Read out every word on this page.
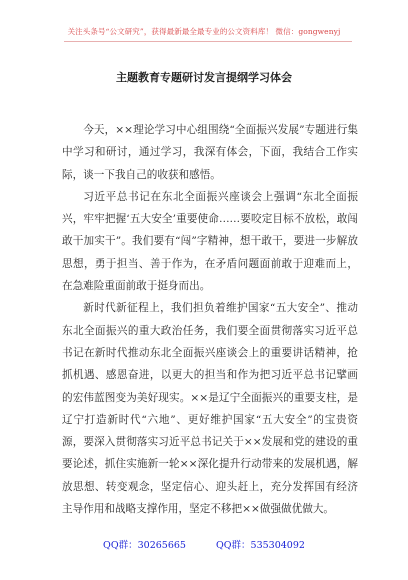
关注头条号“公文研究”，获得最新最全最专业的公文资料库！ 微信：gongwenyj
主题教育专题研讨发言提纲学习体会

今天，××理论学习中心组围绕“全面振兴发展”专题进行集中学习和研讨，通过学习，我深有体会，下面，我结合工作实际，谈一下我自己的收获和感悟。

习近平总书记在东北全面振兴座谈会上强调“东北全面振兴，牢牢把握‘五大安全’重要使命……要咬定目标不放松，敢闯敢干加实干”。我们要有“闯”字精神，想干敢干，要进一步解放思想，勇于担当、善于作为，在矛盾问题面前敢于迎难而上，在急难险重面前敢于挺身而出。

新时代新征程上，我们担负着维护国家“五大安全”、推动东北全面振兴的重大政治任务，我们要全面贯彻落实习近平总书记在新时代推动东北全面振兴座谈会上的重要讲话精神，抢抓机遇、感恩奋进，以更大的担当和作为把习近平总书记擘画的宏伟蓝图变为美好现实。××是辽宁全面振兴的重要支柱，是辽宁打造新时代“六地”、更好维护国家“五大安全”的宝贵资源，要深入贯彻落实习近平总书记关于××发展和党的建设的重要论述，抓住实施新一轮××深化提升行动带来的发展机遇，解放思想、转变观念，坚定信心、迎头赶上，充分发挥国有经济主导作用和战略支撑作用，坚定不移把××做强做优做大。

QQ群：30265665	QQ群：535304092
